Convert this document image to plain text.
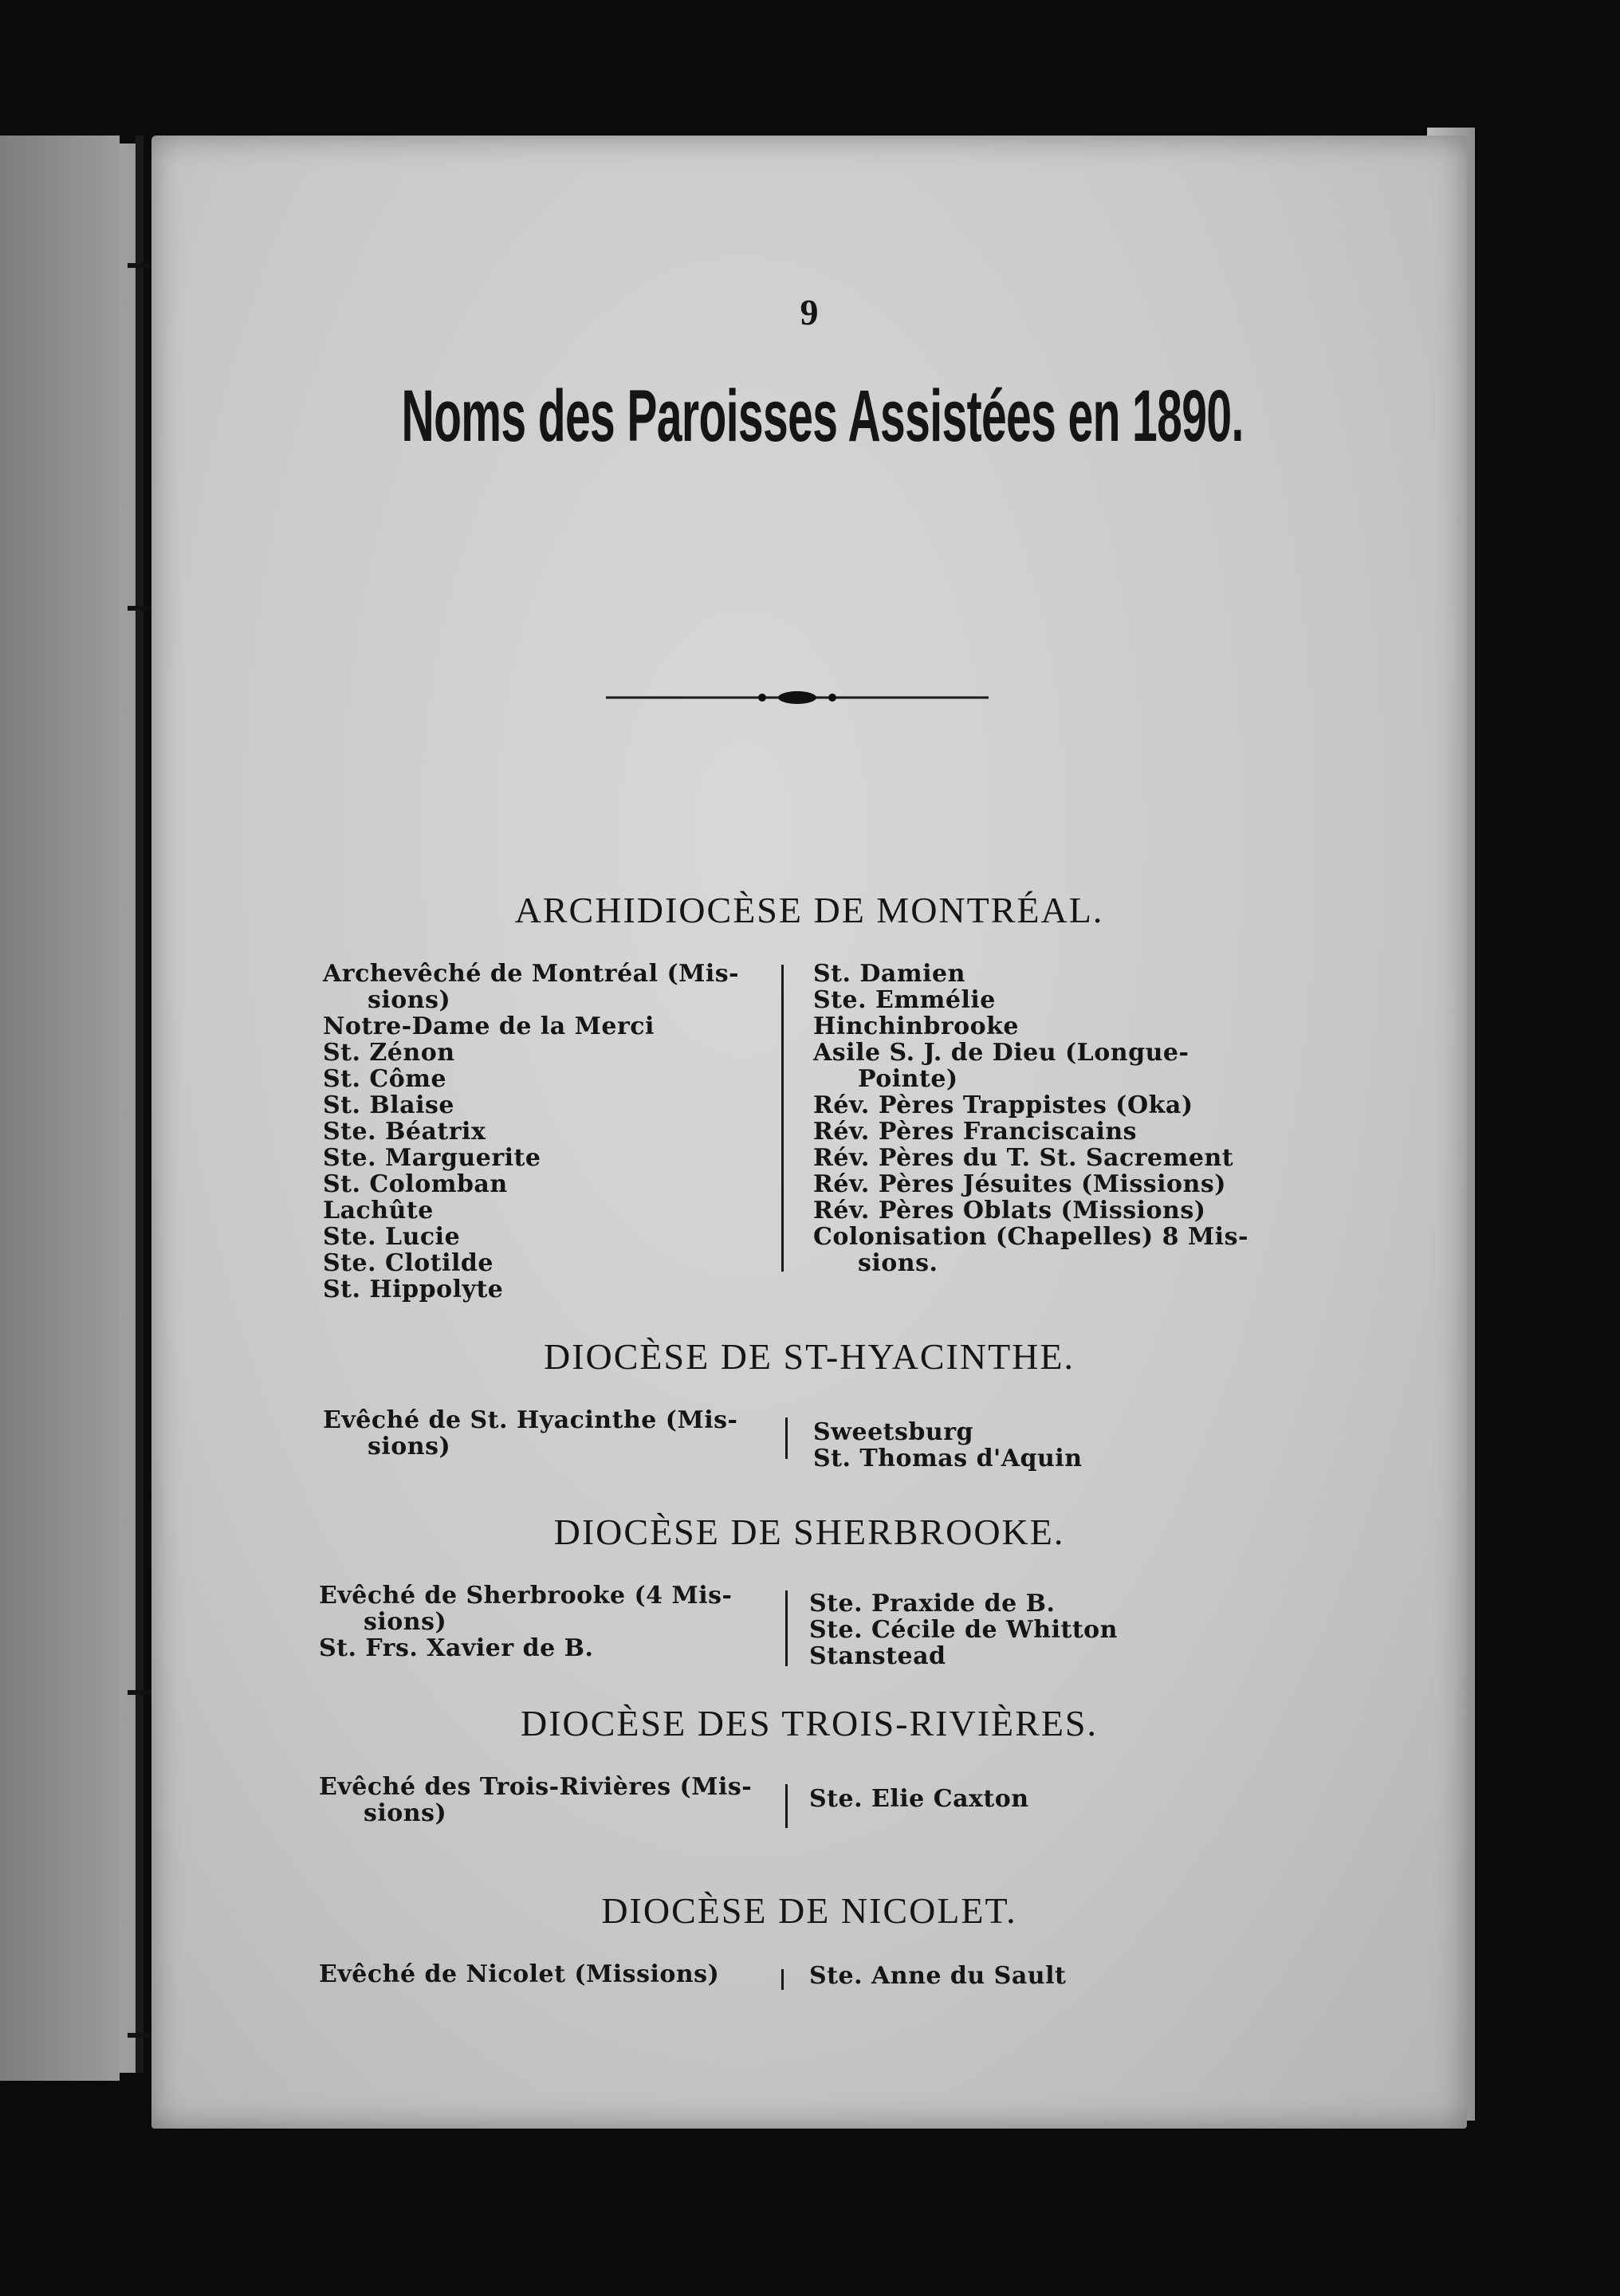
9
Noms des Paroisses Assistées en 1890.
ARCHIDIOCÈSE DE MONTRÉAL.
Archevêché de Montréal (Mis-
sions)
Notre-Dame de la Merci
St. Zénon
St. Côme
St. Blaise
Ste. Béatrix
Ste. Marguerite
St. Colomban
Lachûte
Ste. Lucie
Ste. Clotilde
St. Hippolyte
St. Damien
Ste. Emmélie
Hinchinbrooke
Asile S. J. de Dieu (Longue-
Pointe)
Rév. Pères Trappistes (Oka)
Rév. Pères Franciscains
Rév. Pères du T. St. Sacrement
Rév. Pères Jésuites (Missions)
Rév. Pères Oblats (Missions)
Colonisation (Chapelles) 8 Mis-
sions.
DIOCÈSE DE ST-HYACINTHE.
Evêché de St. Hyacinthe (Mis-
sions)
Sweetsburg
St. Thomas d'Aquin
DIOCÈSE DE SHERBROOKE.
Evêché de Sherbrooke (4 Mis-
sions)
St. Frs. Xavier de B.
Ste. Praxide de B.
Ste. Cécile de Whitton
Stanstead
DIOCÈSE DES TROIS-RIVIÈRES.
Evêché des Trois-Rivières (Mis-
sions)
Ste. Elie Caxton
DIOCÈSE DE NICOLET.
Evêché de Nicolet (Missions)	Ste. Anne du Sault
